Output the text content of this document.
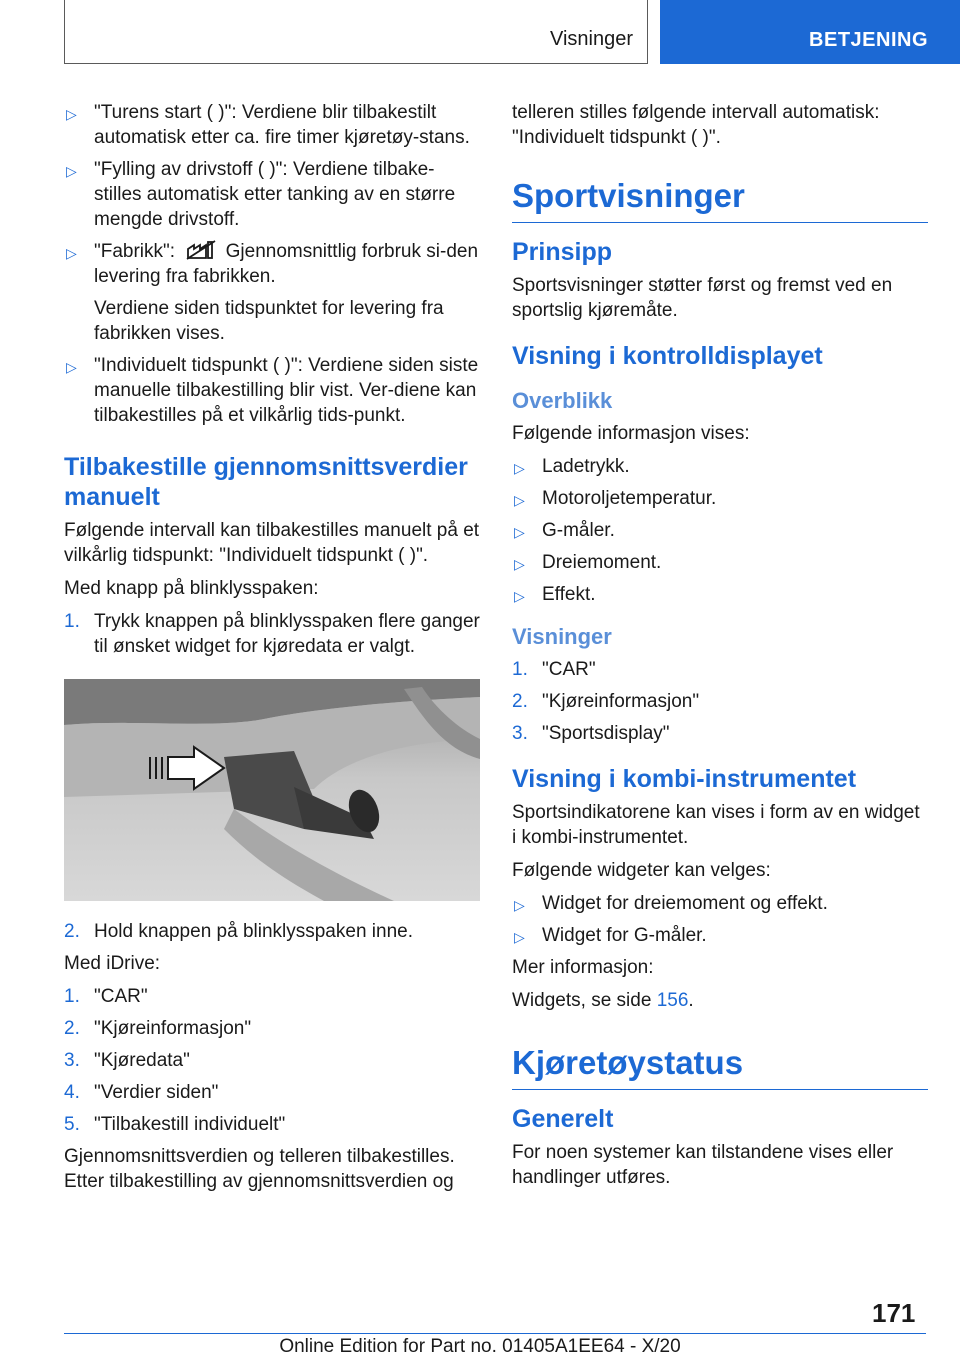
Visninger	BETJENING
▷ "Turens start ( )": Verdiene blir tilbakestilt automatisk etter ca. fire timer kjøretøy-stans.
▷ "Fylling av drivstoff ( )": Verdiene tilbake-stilles automatisk etter tanking av en større mengde drivstoff.
▷ "Fabrikk":	Gjennomsnittlig forbruk si-den levering fra fabrikken.
Verdiene siden tidspunktet for levering fra fabrikken vises.
▷ "Individuelt tidspunkt ( )": Verdiene siden siste manuelle tilbakestilling blir vist. Ver-diene kan tilbakestilles på et vilkårlig tids-punkt.
Tilbakestille gjennomsnittsverdier manuelt

Følgende intervall kan tilbakestilles manuelt på et vilkårlig tidspunkt: "Individuelt tidspunkt ( )".

Med knapp på blinklysspaken:

1. Trykk knappen på blinklysspaken flere ganger til ønsket widget for kjøredata er valgt.
2. Hold knappen på blinklysspaken inne.

Med iDrive:

1. "CAR"
2. "Kjøreinformasjon"
3. "Kjøredata"
4. "Verdier siden"
5. "Tilbakestill individuelt"

Gjennomsnittsverdien og telleren tilbakestilles. Etter tilbakestilling av gjennomsnittsverdien og

telleren stilles følgende intervall automatisk: "Individuelt tidspunkt ( )".

Sportvisninger
Prinsipp

Sportsvisninger støtter først og fremst ved en sportslig kjøremåte.

Visning i kontrolldisplayet
Overblikk

Følgende informasjon vises:

▷ Ladetrykk.
▷ Motoroljetemperatur.
▷ G-måler.
▷ Dreiemoment.
▷ Effekt.
Visninger
1. "CAR"
2. "Kjøreinformasjon"
3. "Sportsdisplay"
Visning i kombi-instrumentet

Sportsindikatorene kan vises i form av en widget i kombi-instrumentet.

Følgende widgeter kan velges:

▷ Widget for dreiemoment og effekt.
▷ Widget for G-måler.

Mer informasjon:

Widgets, se side 156.

Kjøretøystatus
Generelt

For noen systemer kan tilstandene vises eller handlinger utføres.

171
Online Edition for Part no. 01405A1EE64 - X/20
